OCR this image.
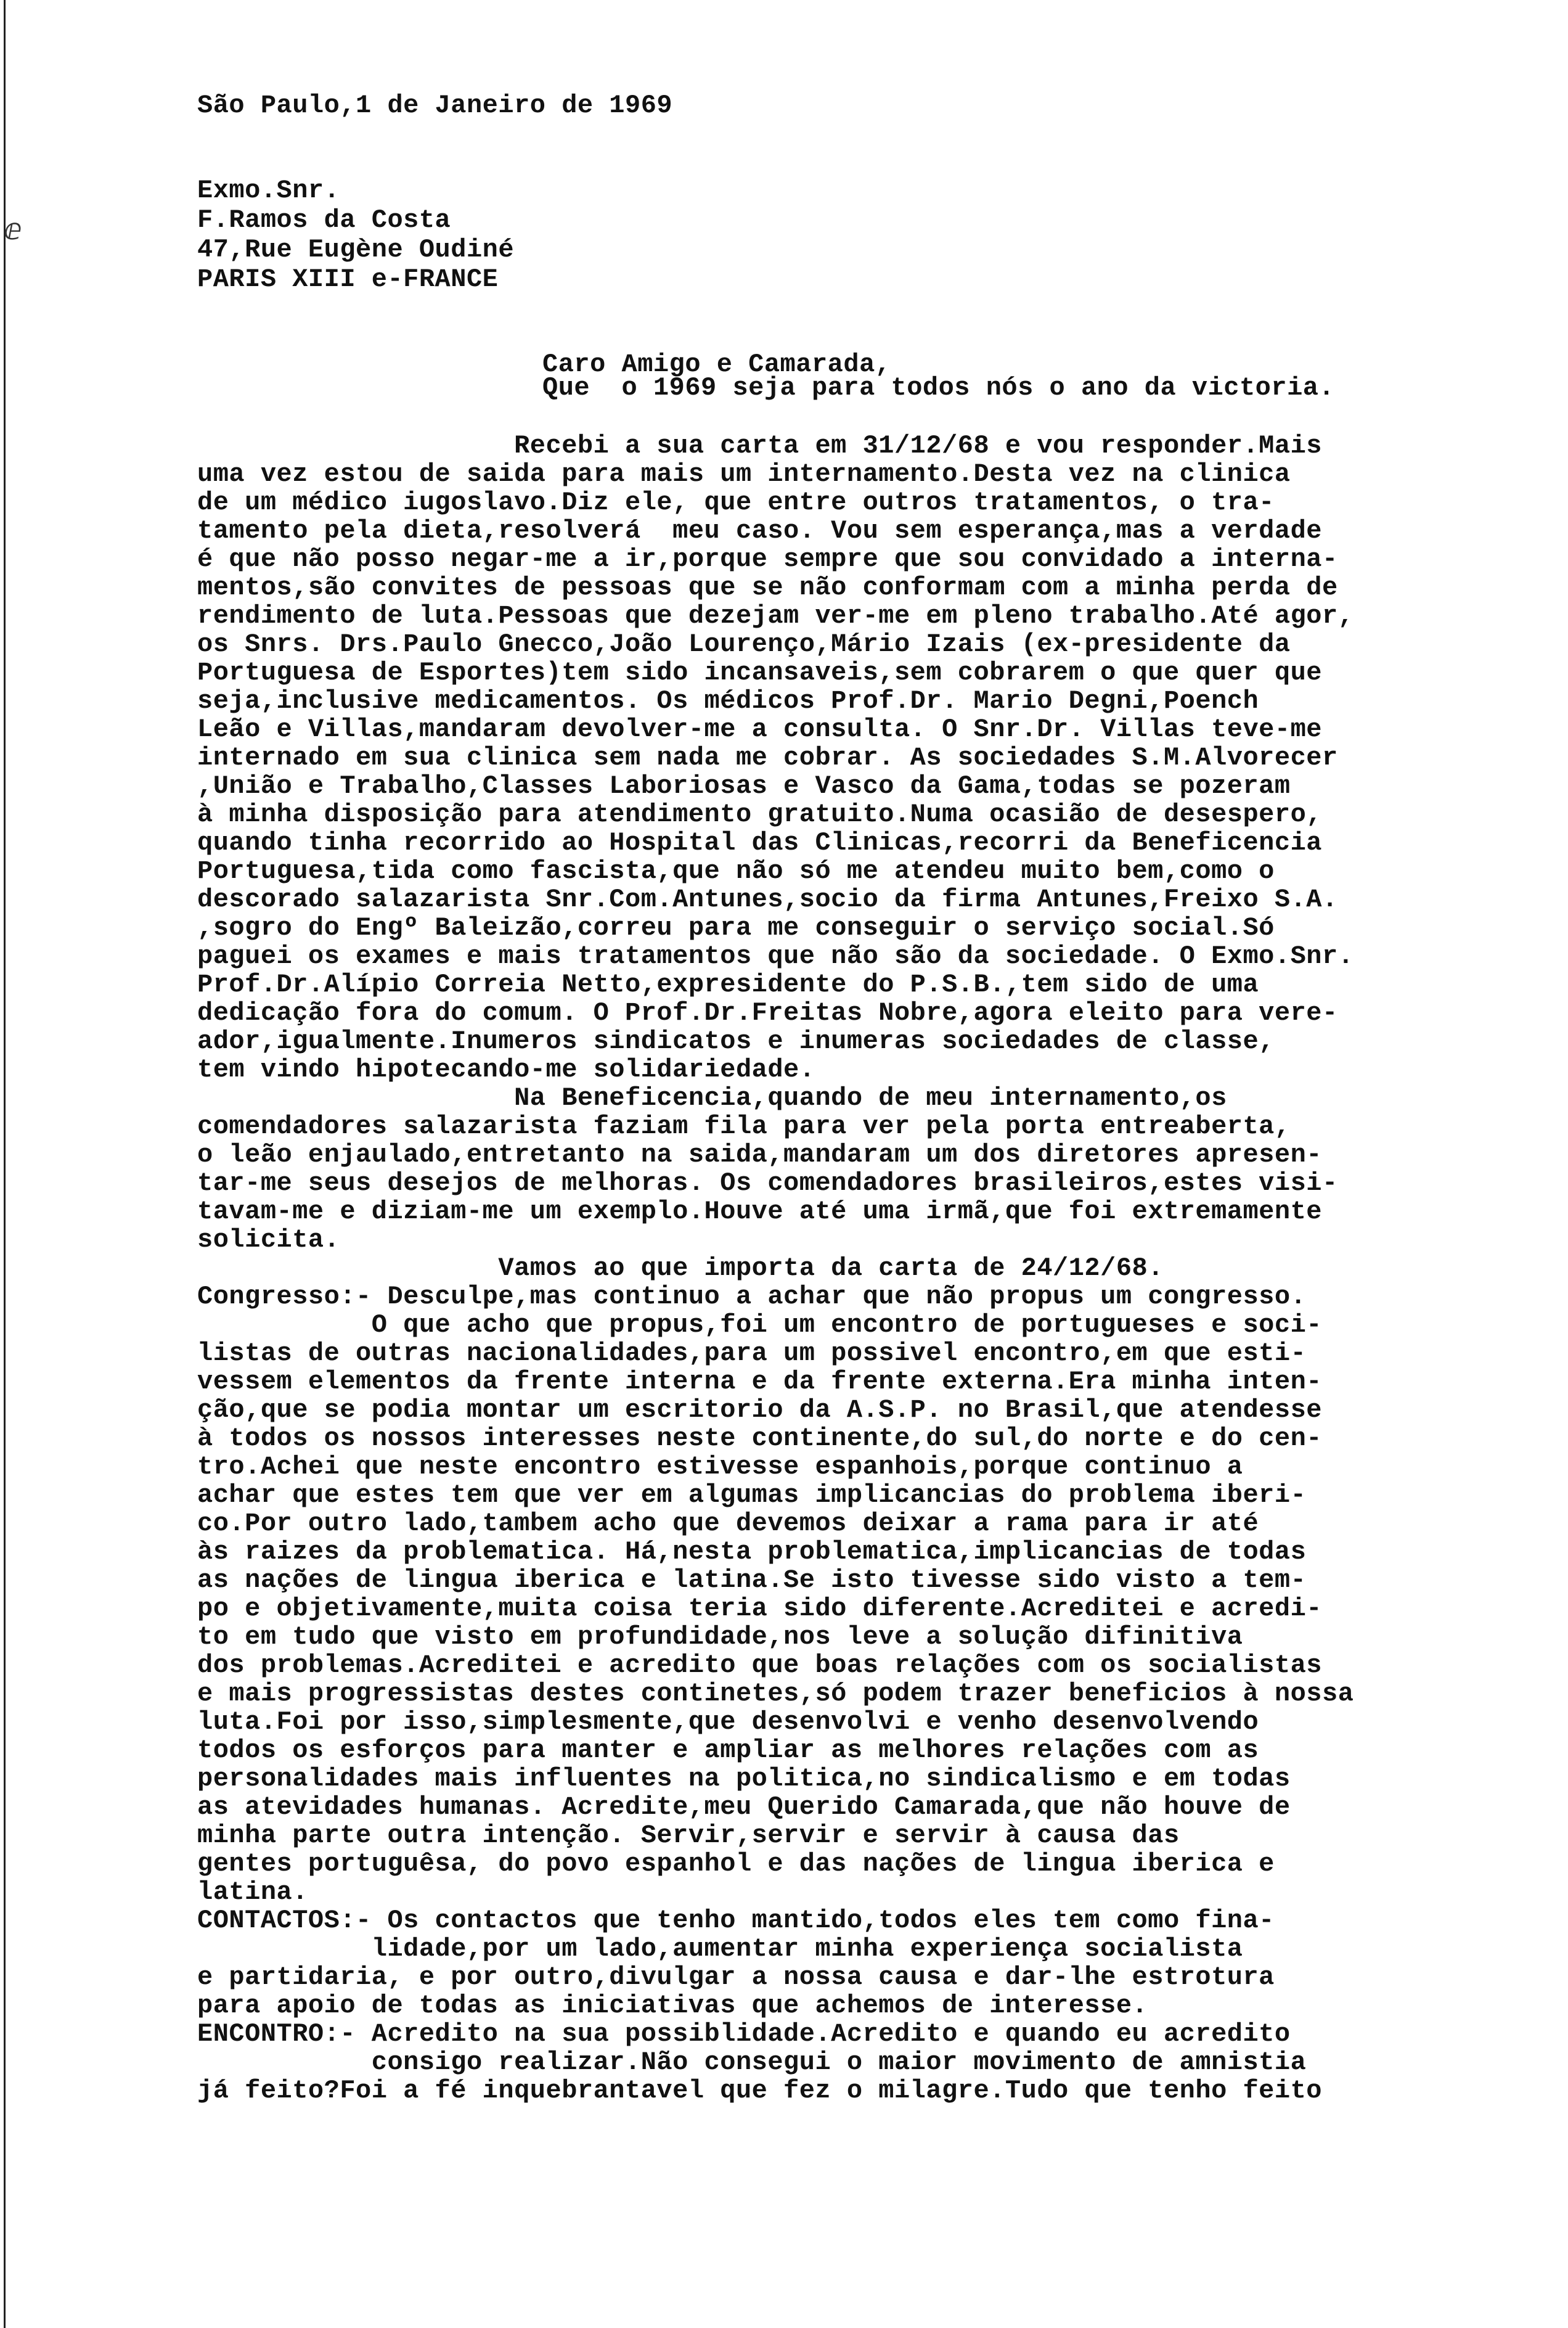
ⅇ
São Paulo,1 de Janeiro de 1969
Exmo.Snr.
F.Ramos da Costa
47,Rue Eugène Oudiné
PARIS XIII e-FRANCE
Caro Amigo e Camarada,
Que  o 1969 seja para todos nós o ano da victoria.
Recebi a sua carta em 31/12/68 e vou responder.Mais
uma vez estou de saida para mais um internamento.Desta vez na clinica
de um médico iugoslavo.Diz ele, que entre outros tratamentos, o tra-
tamento pela dieta,resolverá  meu caso. Vou sem esperança,mas a verdade
é que não posso negar-me a ir,porque sempre que sou convidado a interna-
mentos,são convites de pessoas que se não conformam com a minha perda de
rendimento de luta.Pessoas que dezejam ver-me em pleno trabalho.Até agor,
os Snrs. Drs.Paulo Gnecco,João Lourenço,Mário Izais (ex-presidente da
Portuguesa de Esportes)tem sido incansaveis,sem cobrarem o que quer que
seja,inclusive medicamentos. Os médicos Prof.Dr. Mario Degni,Poench
Leão e Villas,mandaram devolver-me a consulta. O Snr.Dr. Villas teve-me
internado em sua clinica sem nada me cobrar. As sociedades S.M.Alvorecer
,União e Trabalho,Classes Laboriosas e Vasco da Gama,todas se pozeram
à minha disposição para atendimento gratuito.Numa ocasião de desespero,
quando tinha recorrido ao Hospital das Clinicas,recorri da Beneficencia
Portuguesa,tida como fascista,que não só me atendeu muito bem,como o
descorado salazarista Snr.Com.Antunes,socio da firma Antunes,Freixo S.A.
,sogro do Engº Baleizão,correu para me conseguir o serviço social.Só
paguei os exames e mais tratamentos que não são da sociedade. O Exmo.Snr.
Prof.Dr.Alípio Correia Netto,expresidente do P.S.B.,tem sido de uma
dedicação fora do comum. O Prof.Dr.Freitas Nobre,agora eleito para vere-
ador,igualmente.Inumeros sindicatos e inumeras sociedades de classe,
tem vindo hipotecando-me solidariedade.
Na Beneficencia,quando de meu internamento,os
comendadores salazarista faziam fila para ver pela porta entreaberta,
o leão enjaulado,entretanto na saida,mandaram um dos diretores apresen-
tar-me seus desejos de melhoras. Os comendadores brasileiros,estes visi-
tavam-me e diziam-me um exemplo.Houve até uma irmã,que foi extremamente
solicita.
Vamos ao que importa da carta de 24/12/68.
Congresso:- Desculpe,mas continuo a achar que não propus um congresso.
O que acho que propus,foi um encontro de portugueses e soci-
listas de outras nacionalidades,para um possivel encontro,em que esti-
vessem elementos da frente interna e da frente externa.Era minha inten-
ção,que se podia montar um escritorio da A.S.P. no Brasil,que atendesse
à todos os nossos interesses neste continente,do sul,do norte e do cen-
tro.Achei que neste encontro estivesse espanhois,porque continuo a
achar que estes tem que ver em algumas implicancias do problema iberi-
co.Por outro lado,tambem acho que devemos deixar a rama para ir até
às raizes da problematica. Há,nesta problematica,implicancias de todas
as nações de lingua iberica e latina.Se isto tivesse sido visto a tem-
po e objetivamente,muita coisa teria sido diferente.Acreditei e acredi-
to em tudo que visto em profundidade,nos leve a solução difinitiva
dos problemas.Acreditei e acredito que boas relações com os socialistas
e mais progressistas destes continetes,só podem trazer beneficios à nossa
luta.Foi por isso,simplesmente,que desenvolvi e venho desenvolvendo
todos os esforços para manter e ampliar as melhores relações com as
personalidades mais influentes na politica,no sindicalismo e em todas
as atevidades humanas. Acredite,meu Querido Camarada,que não houve de
minha parte outra intenção. Servir,servir e servir à causa das
gentes portuguêsa, do povo espanhol e das nações de lingua iberica e
latina.
CONTACTOS:- Os contactos que tenho mantido,todos eles tem como fina-
lidade,por um lado,aumentar minha experiença socialista
e partidaria, e por outro,divulgar a nossa causa e dar-lhe estrotura
para apoio de todas as iniciativas que achemos de interesse.
ENCONTRO:- Acredito na sua possiblidade.Acredito e quando eu acredito
consigo realizar.Não consegui o maior movimento de amnistia
já feito?Foi a fé inquebrantavel que fez o milagre.Tudo que tenho feito
